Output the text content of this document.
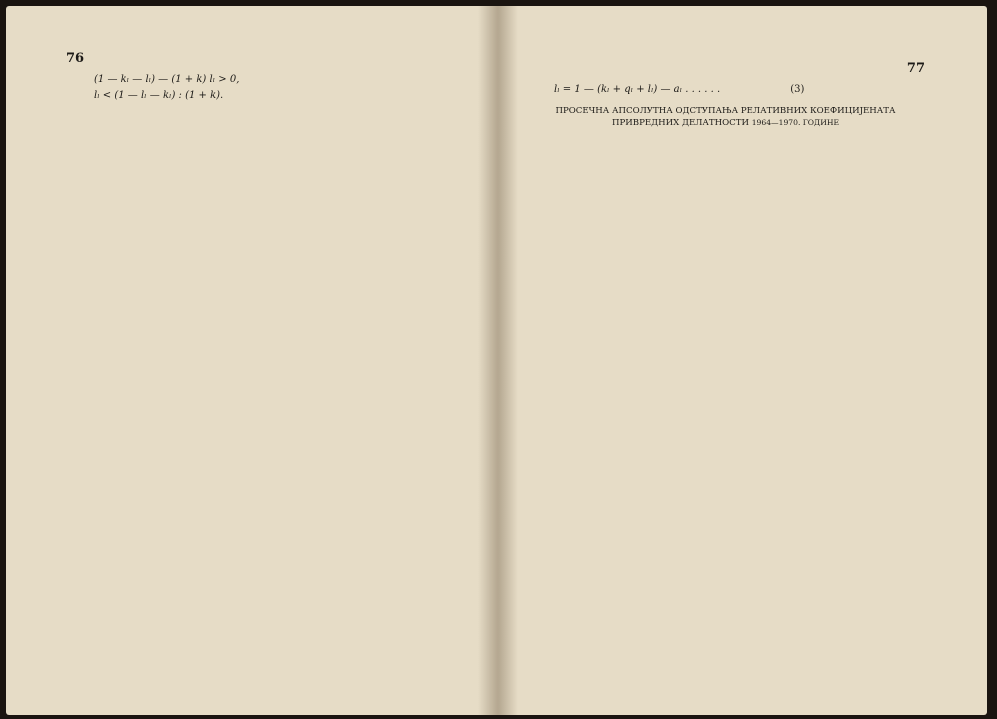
76
(1 — kₗ — lₗ) — (1 + k) lₗ > 0,
lₗ < (1 — lₗ — kₗ) : (1 + k).
77
lₗ = 1 — (kₗ + qₗ + lₗ) — aₗ . . . . . .	(3)
ПРОСЕЧНА АПСОЛУТНА ОДСТУПАЊА РЕЛАТИВНИХ КОЕФИЦИЈЕНАТА ПРИВРЕДНИХ ДЕЛАТНОСТИ 1964—1970. ГОДИНЕ
